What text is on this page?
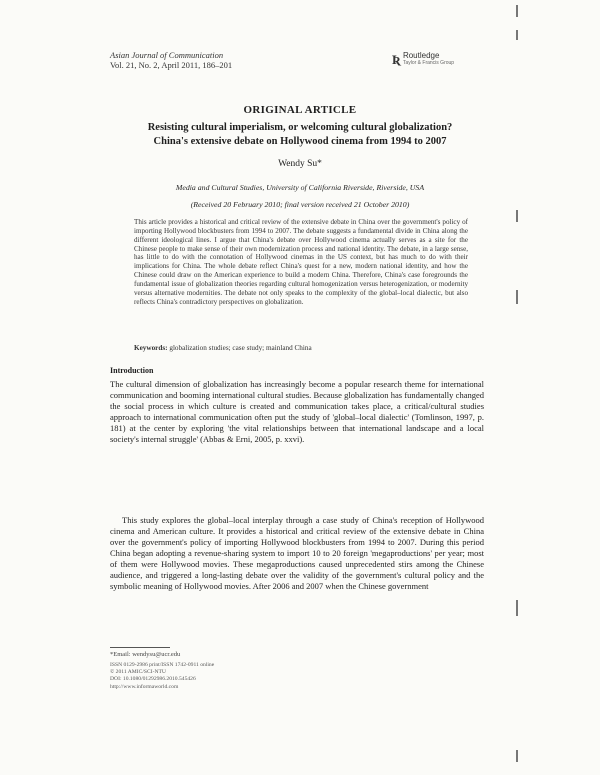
Asian Journal of Communication
Vol. 21, No. 2, April 2011, 186–201	Ʀ Routledge
Taylor & Francis Group
ORIGINAL ARTICLE
Resisting cultural imperialism, or welcoming cultural globalization?
China's extensive debate on Hollywood cinema from 1994 to 2007
Wendy Su*
Media and Cultural Studies, University of California Riverside, Riverside, USA
(Received 20 February 2010; final version received 21 October 2010)
This article provides a historical and critical review of the extensive debate in China over the government's policy of importing Hollywood blockbusters from 1994 to 2007. The debate suggests a fundamental divide in China along the different ideological lines. I argue that China's debate over Hollywood cinema actually serves as a site for the Chinese people to make sense of their own modernization process and national identity. The debate, in a large sense, has little to do with the connotation of Hollywood cinemas in the US context, but has much to do with their implications for China. The whole debate reflect China's quest for a new, modern national identity, and how the Chinese could draw on the American experience to build a modern China. Therefore, China's case foregrounds the fundamental issue of globalization theories regarding cultural homogenization versus heterogenization, or modernity versus alternative modernities. The debate not only speaks to the complexity of the global–local dialectic, but also reflects China's contradictory perspectives on globalization.
Keywords: globalization studies; case study; mainland China
Introduction
The cultural dimension of globalization has increasingly become a popular research theme for international communication and booming international cultural studies. Because globalization has fundamentally changed the social process in which culture is created and communication takes place, a critical/cultural studies approach to international communication often put the study of 'global–local dialectic' (Tomlinson, 1997, p. 181) at the center by exploring 'the vital relationships between that international landscape and a local society's internal struggle' (Abbas & Erni, 2005, p. xxvi).
This study explores the global–local interplay through a case study of China's reception of Hollywood cinema and American culture. It provides a historical and critical review of the extensive debate in China over the government's policy of importing Hollywood blockbusters from 1994 to 2007. During this period China began adopting a revenue-sharing system to import 10 to 20 foreign 'megaproductions' per year; most of them were Hollywood movies. These megaproductions caused unprecedented stirs among the Chinese audience, and triggered a long-lasting debate over the validity of the government's cultural policy and the symbolic meaning of Hollywood movies. After 2006 and 2007 when the Chinese government
*Email: wendysu@ucr.edu
ISSN 0129-2986 print/ISSN 1742-0911 online
© 2011 AMIC/SCI-NTU
DOI: 10.1080/01292986.2010.545426
http://www.informaworld.com
